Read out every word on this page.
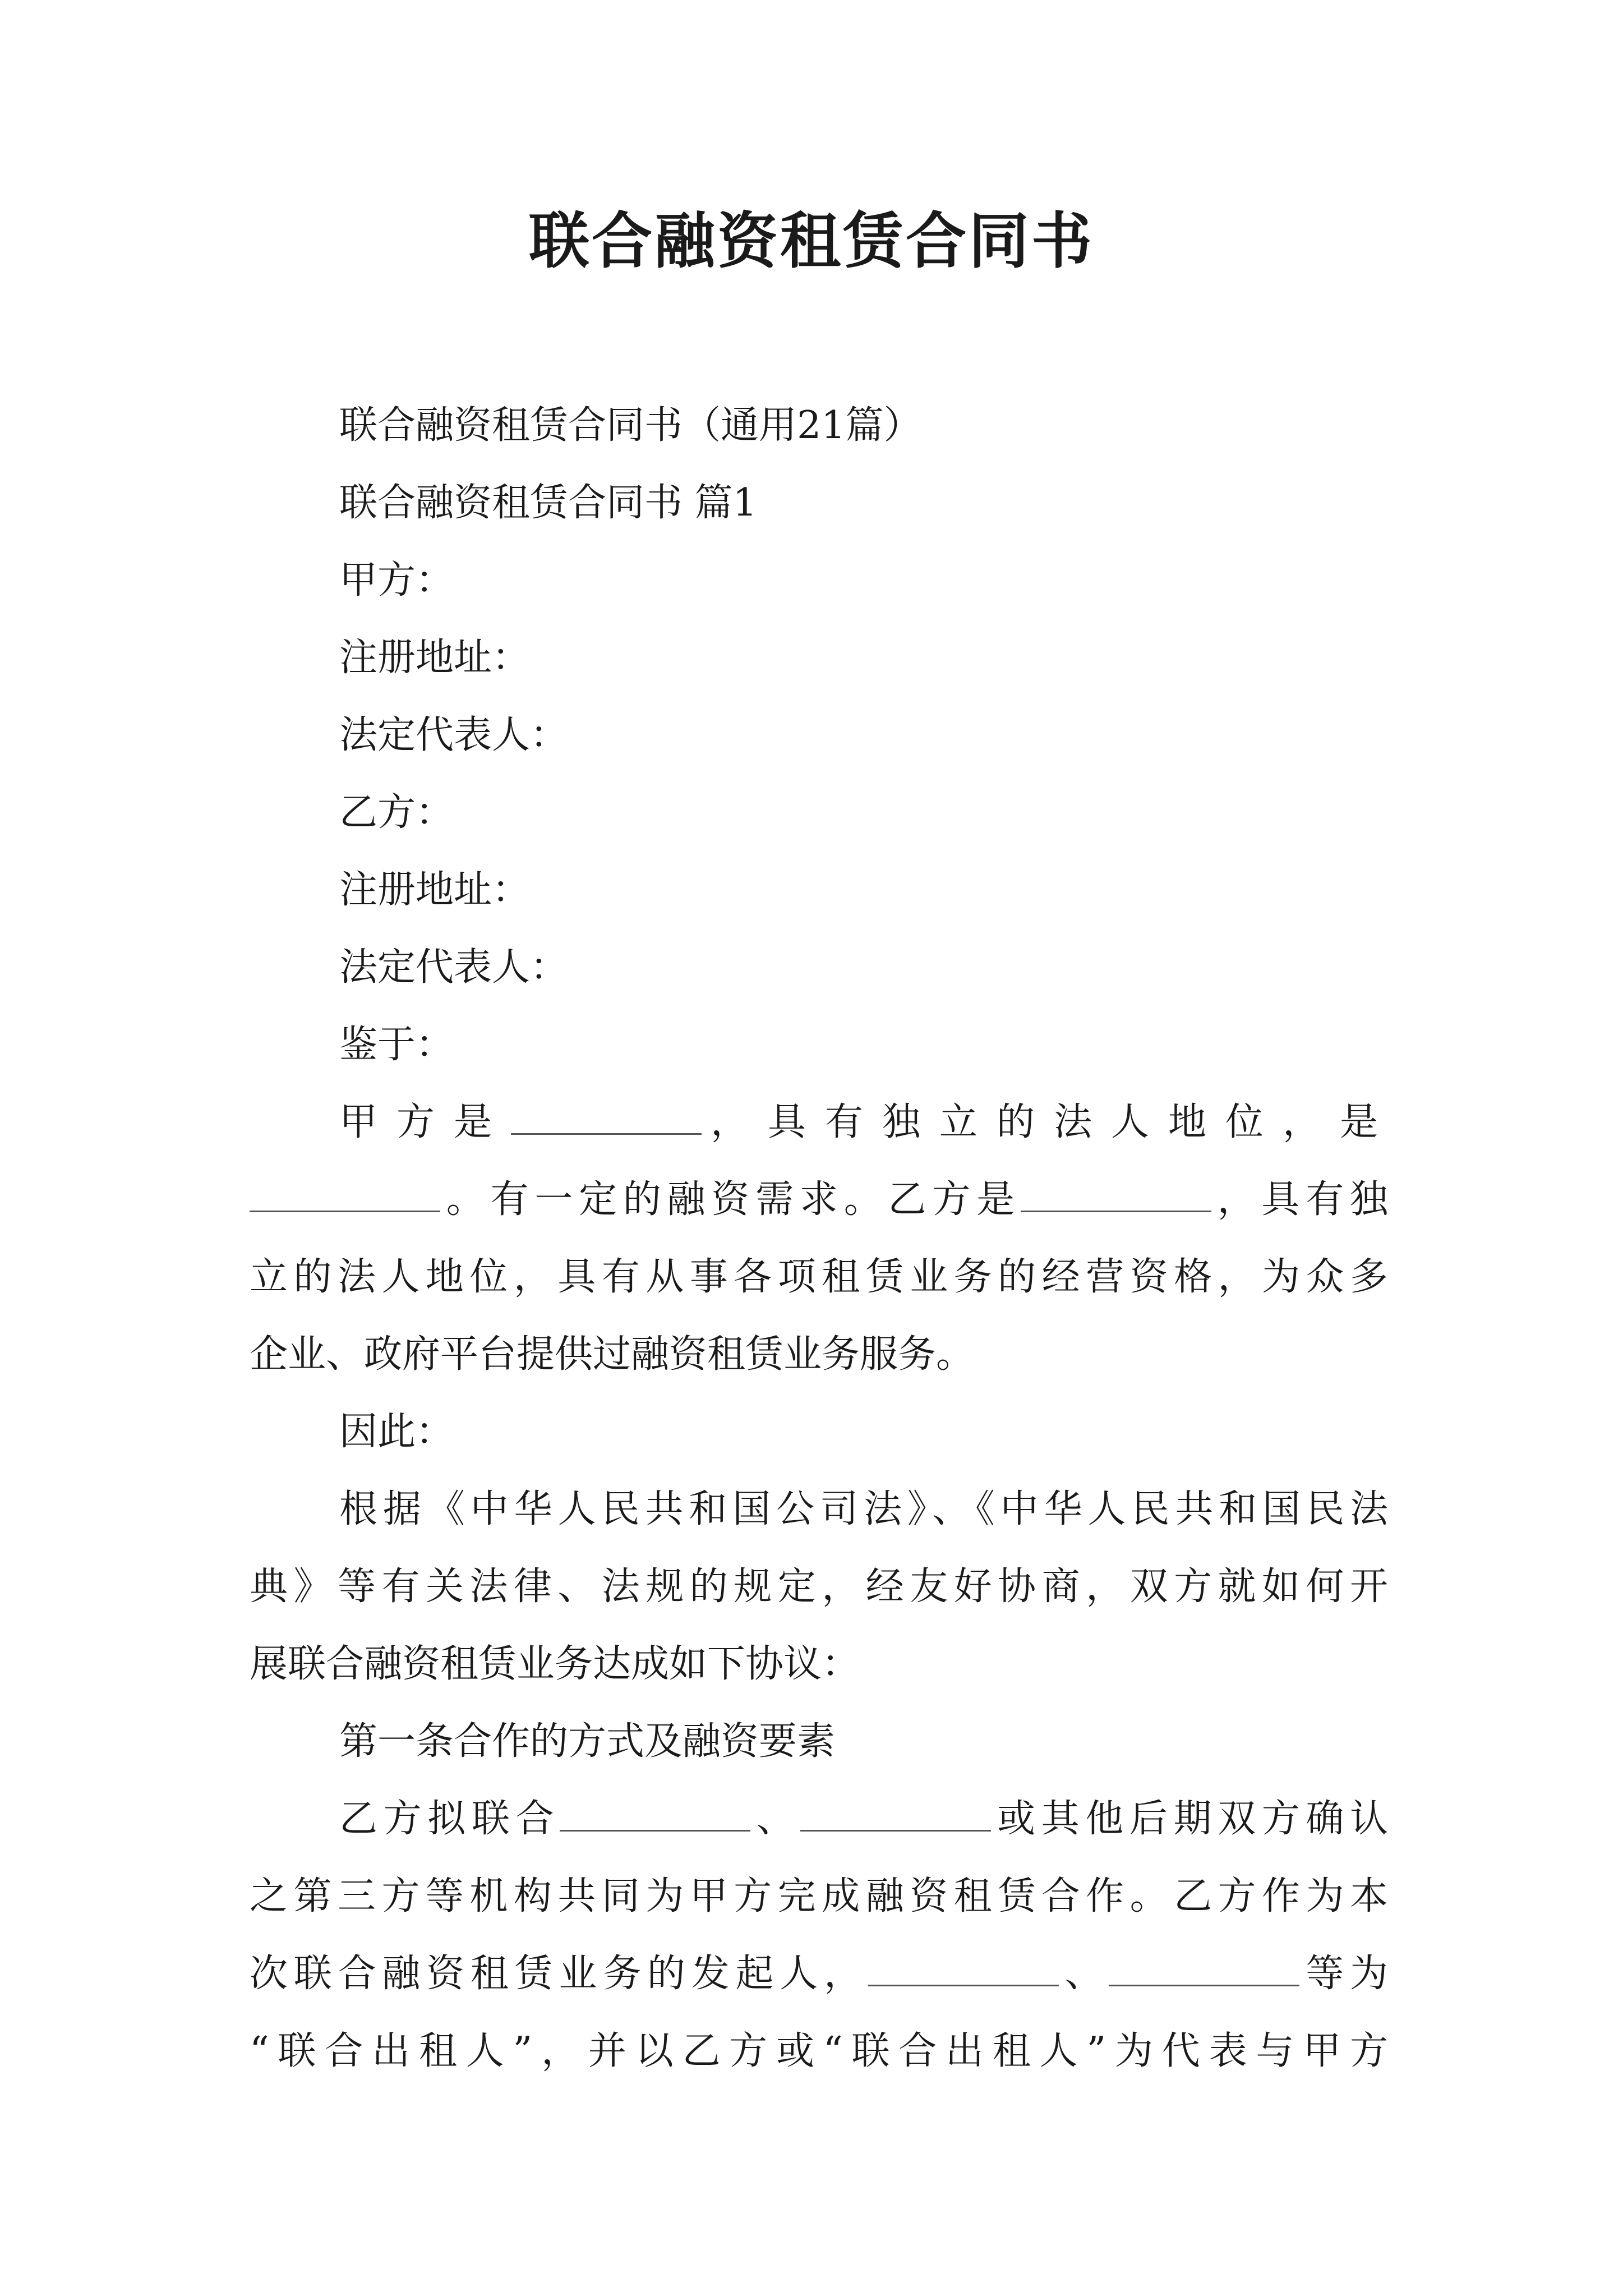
联合融资租赁合同书
联合融资租赁合同书（通用21篇）
联合融资租赁合同书 篇1
甲方：
注册地址：
法定代表人：
乙方：
注册地址：
法定代表人：
鉴于：
甲方是	，具有独立的法人地位，是
。有一定的融资需求。乙方是	，具有独
立的法人地位，具有从事各项租赁业务的经营资格，为众多
企业、政府平台提供过融资租赁业务服务。
因此：
根据《中华人民共和国公司法》、《中华人民共和国民法
典》等有关法律、法规的规定，经友好协商，双方就如何开
展联合融资租赁业务达成如下协议：
第一条合作的方式及融资要素
乙方拟联合	、	或其他后期双方确认
之第三方等机构共同为甲方完成融资租赁合作。乙方作为本
次联合融资租赁业务的发起人，	、	等为
“联合出租人”，并以乙方或“联合出租人”为代表与甲方
